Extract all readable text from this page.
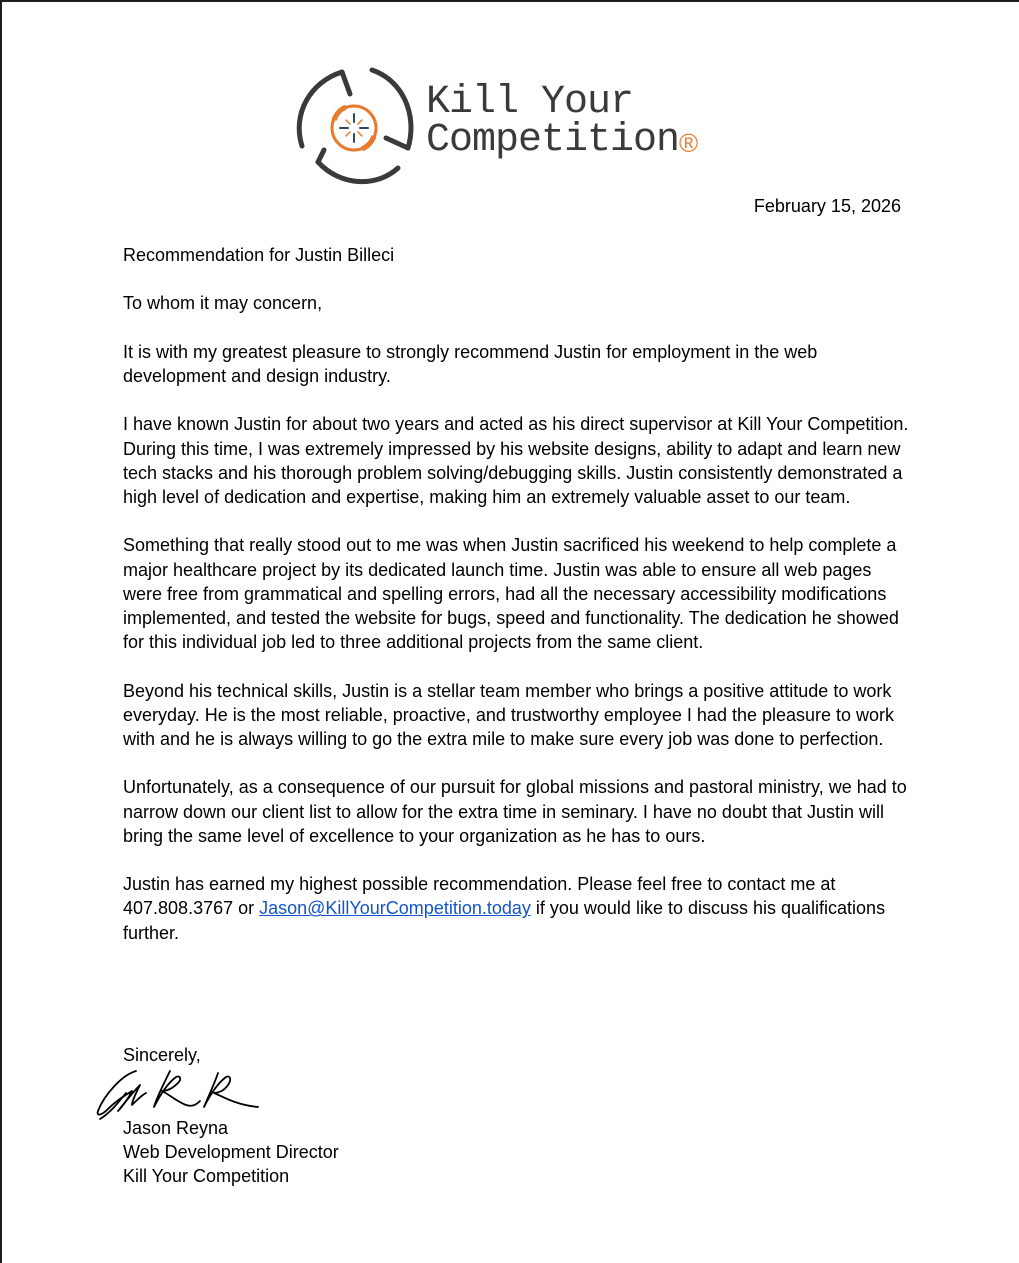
Kill Your
Competition®
February 15, 2026

Recommendation for Justin Billeci

To whom it may concern,

It is with my greatest pleasure to strongly recommend Justin for employment in the web development and design industry.

I have known Justin for about two years and acted as his direct supervisor at Kill Your Competition. During this time, I was extremely impressed by his website designs, ability to adapt and learn new tech stacks and his thorough problem solving/debugging skills. Justin consistently demonstrated a high level of dedication and expertise, making him an extremely valuable asset to our team.

Something that really stood out to me was when Justin sacrificed his weekend to help complete a major healthcare project by its dedicated launch time. Justin was able to ensure all web pages were free from grammatical and spelling errors, had all the necessary accessibility modifications implemented, and tested the website for bugs, speed and functionality. The dedication he showed for this individual job led to three additional projects from the same client.

Beyond his technical skills, Justin is a stellar team member who brings a positive attitude to work everyday. He is the most reliable, proactive, and trustworthy employee I had the pleasure to work with and he is always willing to go the extra mile to make sure every job was done to perfection.

Unfortunately, as a consequence of our pursuit for global missions and pastoral ministry, we had to narrow down our client list to allow for the extra time in seminary. I have no doubt that Justin will bring the same level of excellence to your organization as he has to ours.

Justin has earned my highest possible recommendation. Please feel free to contact me at 407.808.3767 or Jason@KillYourCompetition.today if you would like to discuss his qualifications further.

Sincerely,
Jason Reyna
Web Development Director
Kill Your Competition
